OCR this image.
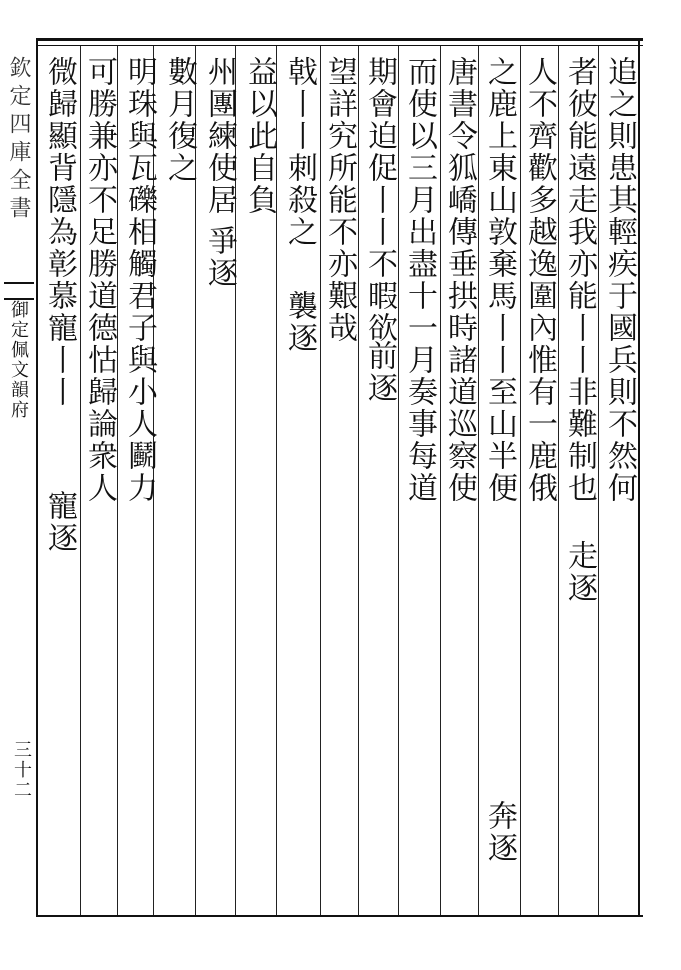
欽定四庫全書
御定佩文韻府
三十二
追之則患其輕疾于國兵則不然何
者彼能遠走我亦能丨丨非難制也
人不齊歡多越逸圍內惟有一鹿俄
之鹿上東山敦棄馬丨丨至山半便
唐書令狐嶠傳垂拱時諸道巡察使
而使以三月出盡十一月奏事每道
期會迫促丨丨不暇欲
望詳究所能不亦艱哉
戟丨丨刺殺之
襲逐
益以此自負
州團練使居
爭逐
數月復之
明珠與瓦礫相觸君子與小人鬬力
可勝兼亦不足勝道德怙歸論衆人
微歸顯背隱為彰慕寵丨丨
寵逐
走逐
奔逐
前逐
